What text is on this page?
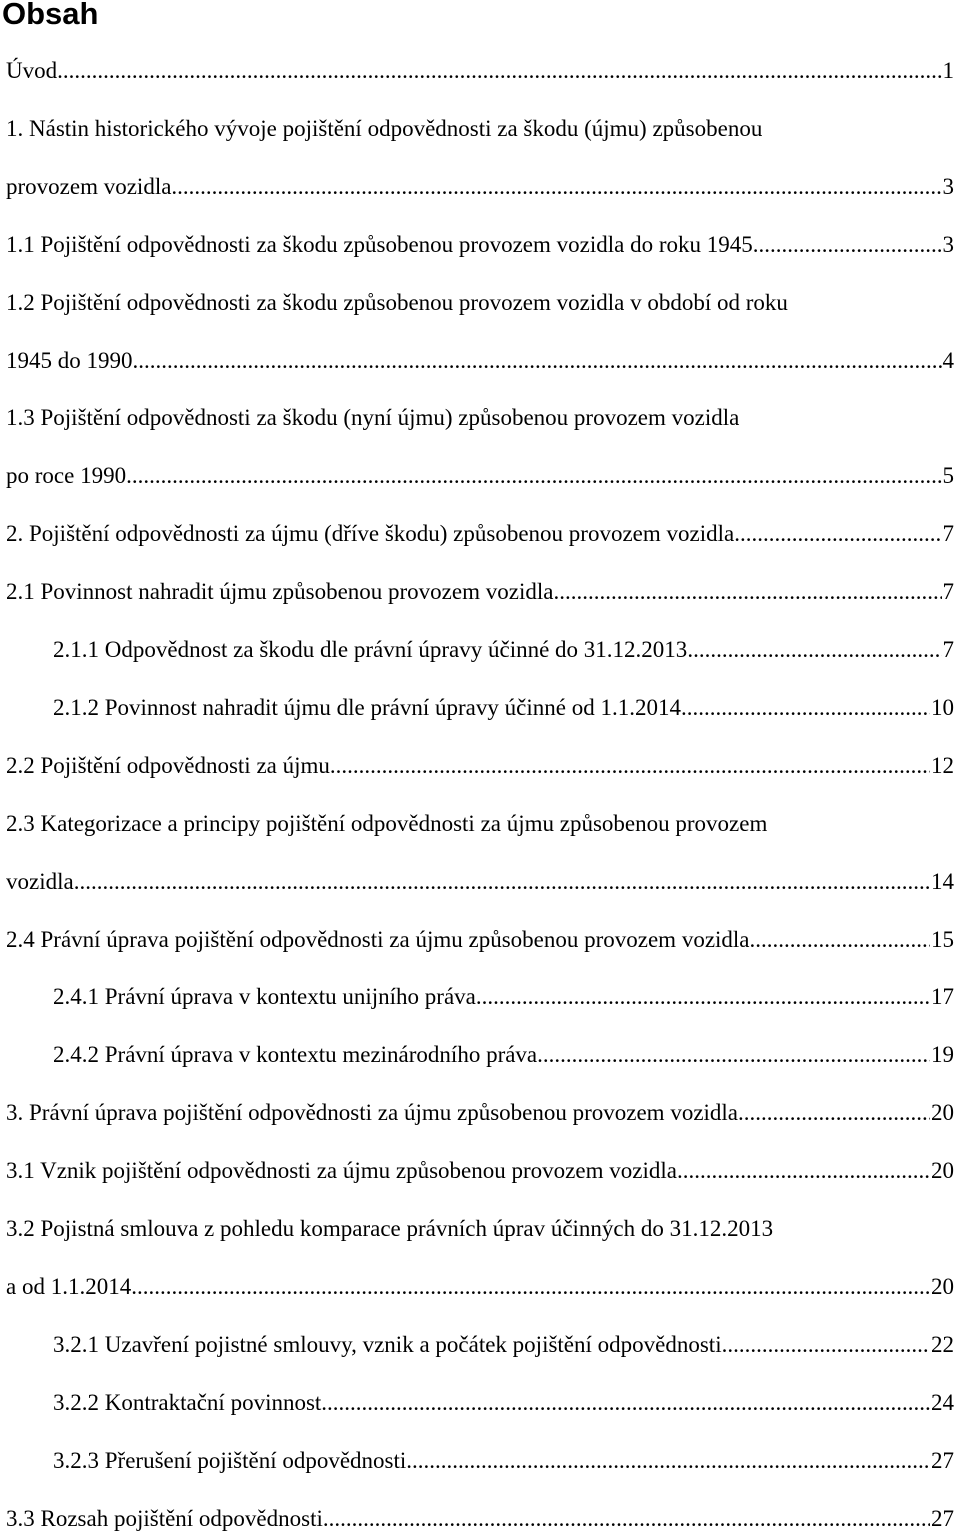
Obsah
Úvod .....	1
1. Nástin historického vývoje pojištění odpovědnosti za škodu (újmu) způsobenou
provozem vozidla .....	3
1.1 Pojištění odpovědnosti za škodu způsobenou provozem vozidla do roku 1945 .....	3
1.2 Pojištění odpovědnosti za škodu způsobenou provozem vozidla v období od roku
1945 do 1990 .....	4
1.3 Pojištění odpovědnosti za škodu (nyní újmu) způsobenou provozem vozidla
po roce 1990 .....	5
2. Pojištění odpovědnosti za újmu (dříve škodu) způsobenou provozem vozidla .....	7
2.1 Povinnost nahradit újmu způsobenou provozem vozidla .....	7
2.1.1 Odpovědnost za škodu dle právní úpravy účinné do 31.12.2013 .....	7
2.1.2 Povinnost nahradit újmu dle právní úpravy účinné od 1.1.2014 .....	10
2.2 Pojištění odpovědnosti za újmu .....	12
2.3 Kategorizace a principy pojištění odpovědnosti za újmu způsobenou provozem
vozidla .....	14
2.4 Právní úprava pojištění odpovědnosti za újmu způsobenou provozem vozidla .....	15
2.4.1 Právní úprava v kontextu unijního práva .....	17
2.4.2 Právní úprava v kontextu mezinárodního práva .....	19
3. Právní úprava pojištění odpovědnosti za újmu způsobenou provozem vozidla .....	20
3.1 Vznik pojištění odpovědnosti za újmu způsobenou provozem vozidla .....	20
3.2 Pojistná smlouva z pohledu komparace právních úprav účinných do 31.12.2013
a od 1.1.2014 .....	20
3.2.1 Uzavření pojistné smlouvy, vznik a počátek pojištění odpovědnosti .....	22
3.2.2 Kontraktační povinnost .....	24
3.2.3 Přerušení pojištění odpovědnosti .....	27
3.3 Rozsah pojištění odpovědnosti .....	27
